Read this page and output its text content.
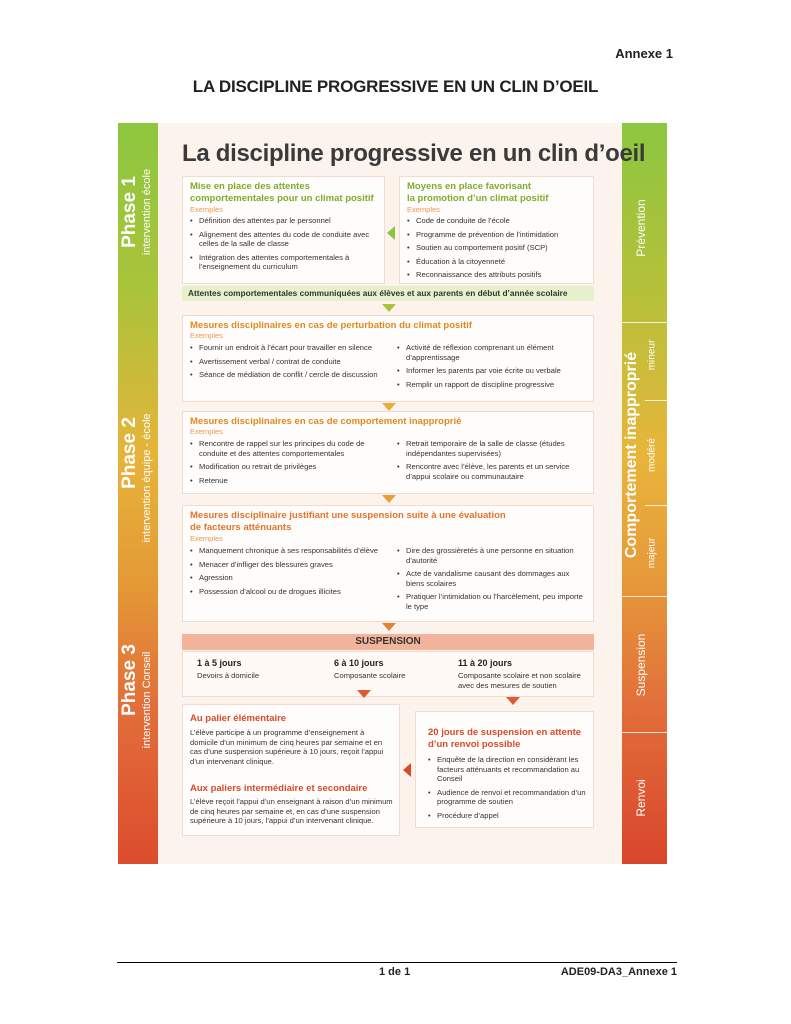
Annexe 1
LA DISCIPLINE PROGRESSIVE EN UN CLIN D’OEIL
Phase 1 intervention école
Phase 2 intervention équipe - école
Phase 3 intervention Conseil
Prévention
Comportement inapproprié mineur
modéré
majeur
Suspension
Renvoi
La discipline progressive en un clin d’oeil
Mise en place des attentes
comportementales pour un climat positif
Exemples
• Définition des attentes par le personnel
• Alignement des attentes du code de conduite avec celles de la salle de classe
• Intégration des attentes comportementales à l’enseignement du curriculum
Moyens en place favorisant
la promotion d’un climat positif
Exemples
• Code de conduite de l’école
• Programme de prévention de l’intimidation
• Soutien au comportement positif (SCP)
• Éducation à la citoyenneté
• Reconnaissance des attributs positifs
Attentes comportementales communiquées aux élèves et aux parents en début d’année scolaire
Mesures disciplinaires en cas de perturbation du climat positif
Exemples
• Fournir un endroit à l’écart pour travailler en silence
• Avertissement verbal / contrat de conduite
• Séance de médiation de conflit / cercle de discussion
• Activité de réflexion comprenant un élément d’apprentissage
• Informer les parents par voie écrite ou verbale
• Remplir un rapport de discipline progressive
Mesures disciplinaires en cas de comportement inapproprié
Exemples
• Rencontre de rappel sur les principes du code de conduite et des attentes comportementales
• Modification ou retrait de privilèges
• Retenue
• Retrait temporaire de la salle de classe (études indépendantes supervisées)
• Rencontre avec l’élève, les parents et un service d’appui scolaire ou communautaire
Mesures disciplinaire justifiant une suspension suite à une évaluation
de facteurs atténuants
Exemples
• Manquement chronique à ses responsabilités d’élève
• Menacer d’infliger des blessures graves
• Agression
• Possession d’alcool ou de drogues illicites
• Dire des grossièretés à une personne en situation d’autorité
• Acte de vandalisme causant des dommages aux biens scolaires
• Pratiquer l’intimidation ou l’harcèlement, peu importe le type
SUSPENSION
1 à 5 jours
Devoirs à domicile
6 à 10 jours
Composante scolaire
11 à 20 jours
Composante scolaire et non scolaire avec des mesures de soutien
Au palier élémentaire
L’élève participe à un programme d’enseignement à domicile d’un minimum de cinq heures par semaine et en cas d’une suspension supérieure à 10 jours, reçoit l’appui d’un intervenant clinique.
Aux paliers intermédiaire et secondaire
L’élève reçoit l’appui d’un enseignant à raison d’un minimum de cinq heures par semaine et, en cas d’une suspension supérieure à 10 jours, l’appui d’un intervenant clinique.
20 jours de suspension en attente
d’un renvoi possible
• Enquête de la direction en considérant les facteurs atténuants et recommandation au Conseil
• Audience de renvoi et recommandation d’un programme de soutien
• Procédure d’appel
1 de 1	ADE09-DA3_Annexe 1
